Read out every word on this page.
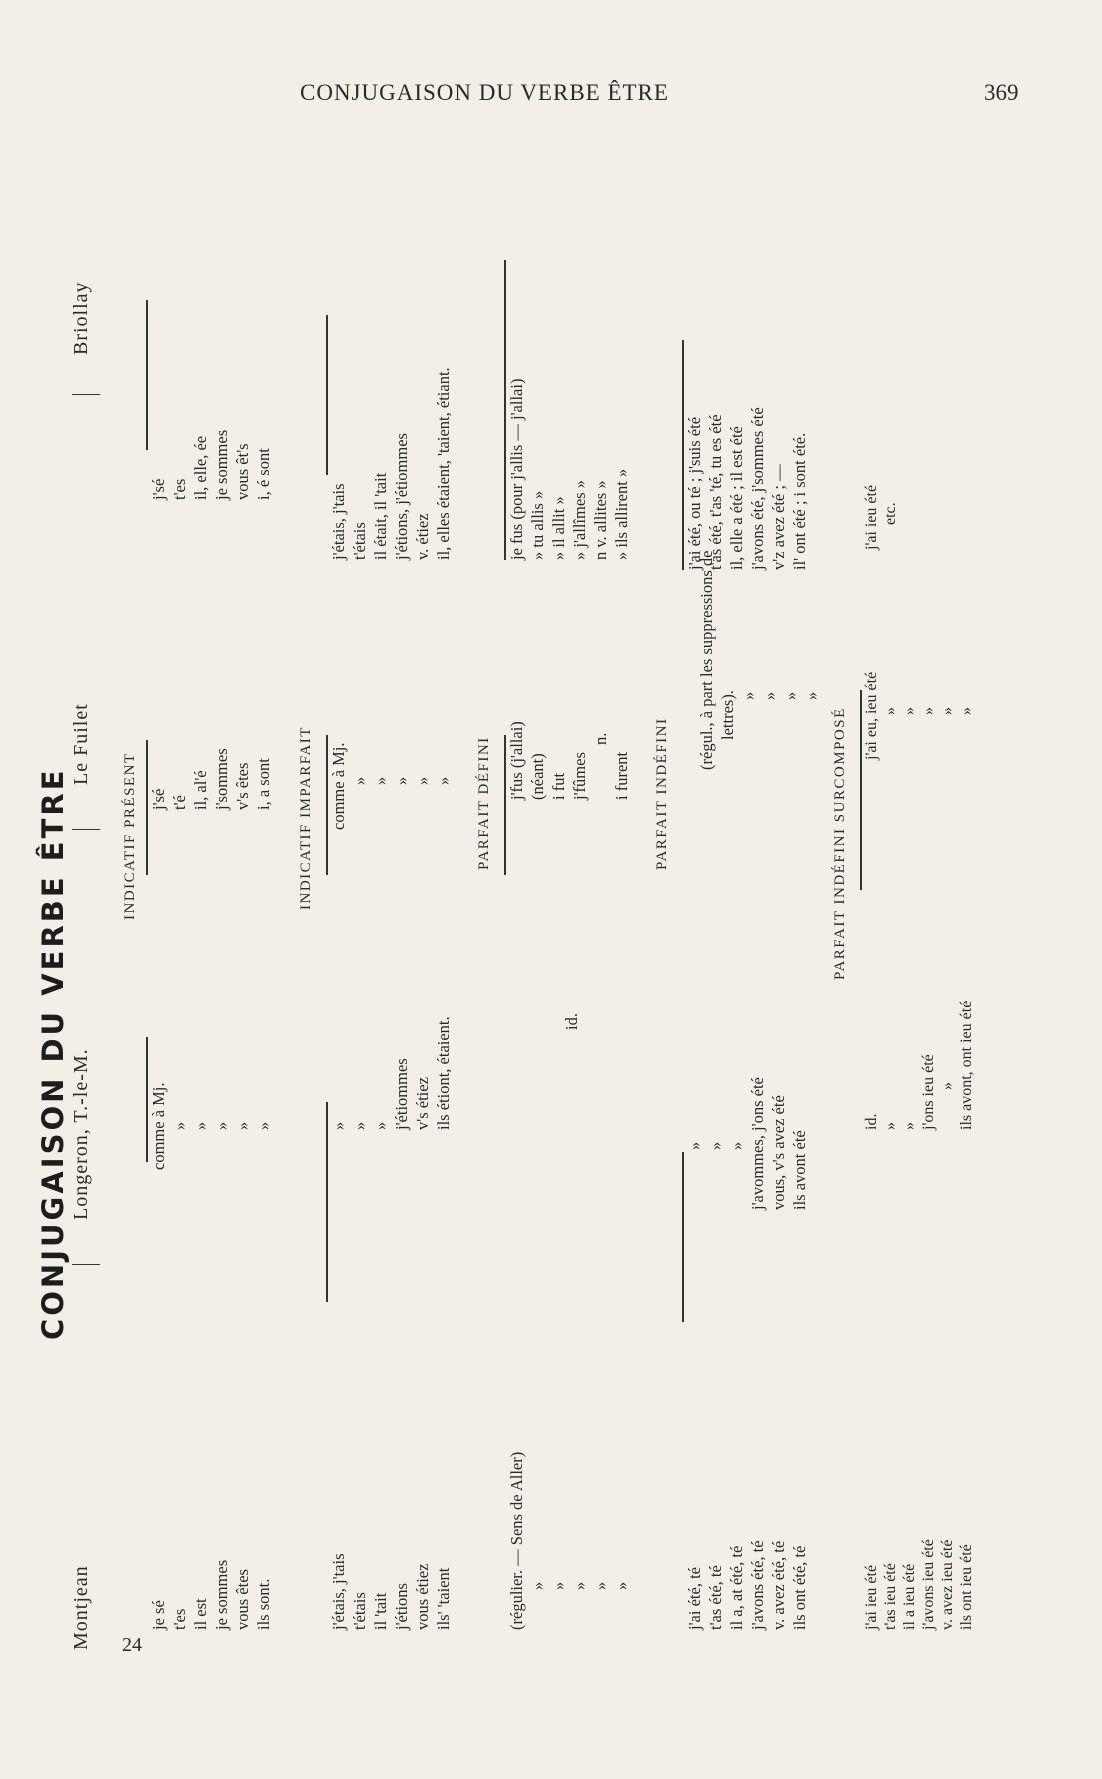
CONJUGAISON DU VERBE ÊTRE	369
CONJUGAISON DU VERBE ÊTRE
Montjean
Longeron, T.-le-M.
Le Fuilet
Briollay
INDICATIF PRÉSENT
je sé t'es il est je sommes vous êtes ils sont.
comme à Mj. » » » » »
j'sé t'é il, al'é j'sommes v's êtes i, a sont
j'sé t'es il, elle, ée je sommes vous êt's i, é sont
INDICATIF IMPARFAIT
j'étais, j'tais t'étais il 'tait j'étions vous étiez ils' 'taient
» » » j'étiommes v's étiez ils étiont, étaient.
comme à Mj. » » » » »
j'étais, j'tais t'étais il était, il 'tait j'étions, j'étiommes v. étiez il, elles étaient, 'taient, étiant.
PARFAIT DÉFINI
(régulier. — Sens de Aller) » » » » »
id.
j'fus (j'allai) (néant) i fut j'fûmes
n.
i furent
je fus (pour j'allis — j'allai) » tu allis » » il allit » » j'allîmes » n v. allites » » ils allirent »
PARFAIT INDÉFINI
j'ai été, té t'as été, té il a, at été, té j'avons été, té v. avez été, té ils ont été, té
» » » j'avommes, j'ons été vous, v's avez été ils avont été
(régul., à part les suppressions de lettres). » » » »
j'ai été, ou té ; j'suis été t'as été, t'as 'té, tu es été il, elle a été ; il est été j'avons été, j'sommes été v'z avez été ; — il' ont été ; i sont été.
PARFAIT INDÉFINI SURCOMPOSÉ
j'ai ieu été t'as ieu été il a ieu été j'avons ieu été v. avez ieu été ils ont ieu été
id. » » j'ons ieu été » ils avont, ont ieu été
j'ai eu, ieu été » » » » »
j'ai ieu été etc.
24
